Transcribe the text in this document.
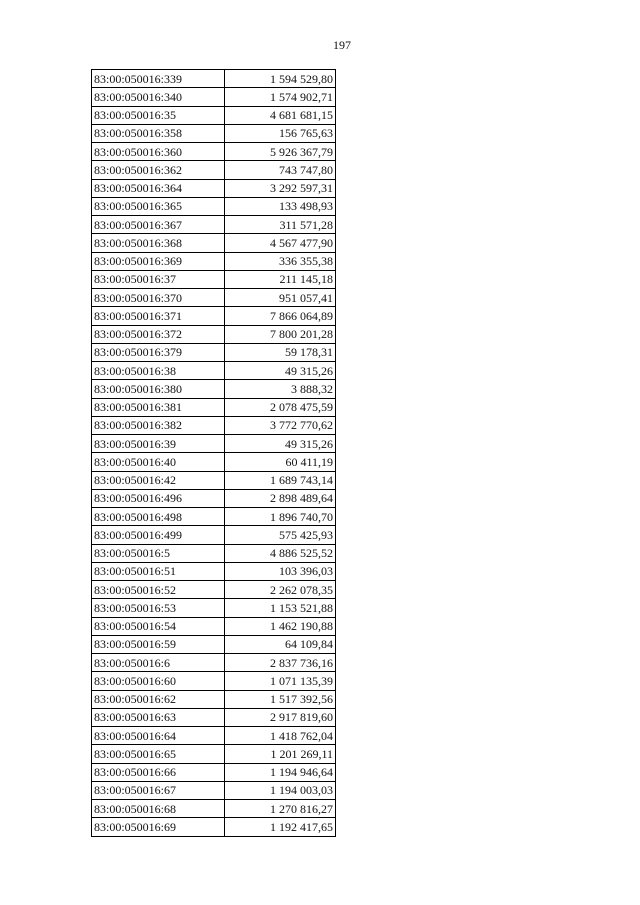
197
83:00:050016:339	1 594 529,80
83:00:050016:340	1 574 902,71
83:00:050016:35	4 681 681,15
83:00:050016:358	156 765,63
83:00:050016:360	5 926 367,79
83:00:050016:362	743 747,80
83:00:050016:364	3 292 597,31
83:00:050016:365	133 498,93
83:00:050016:367	311 571,28
83:00:050016:368	4 567 477,90
83:00:050016:369	336 355,38
83:00:050016:37	211 145,18
83:00:050016:370	951 057,41
83:00:050016:371	7 866 064,89
83:00:050016:372	7 800 201,28
83:00:050016:379	59 178,31
83:00:050016:38	49 315,26
83:00:050016:380	3 888,32
83:00:050016:381	2 078 475,59
83:00:050016:382	3 772 770,62
83:00:050016:39	49 315,26
83:00:050016:40	60 411,19
83:00:050016:42	1 689 743,14
83:00:050016:496	2 898 489,64
83:00:050016:498	1 896 740,70
83:00:050016:499	575 425,93
83:00:050016:5	4 886 525,52
83:00:050016:51	103 396,03
83:00:050016:52	2 262 078,35
83:00:050016:53	1 153 521,88
83:00:050016:54	1 462 190,88
83:00:050016:59	64 109,84
83:00:050016:6	2 837 736,16
83:00:050016:60	1 071 135,39
83:00:050016:62	1 517 392,56
83:00:050016:63	2 917 819,60
83:00:050016:64	1 418 762,04
83:00:050016:65	1 201 269,11
83:00:050016:66	1 194 946,64
83:00:050016:67	1 194 003,03
83:00:050016:68	1 270 816,27
83:00:050016:69	1 192 417,65
